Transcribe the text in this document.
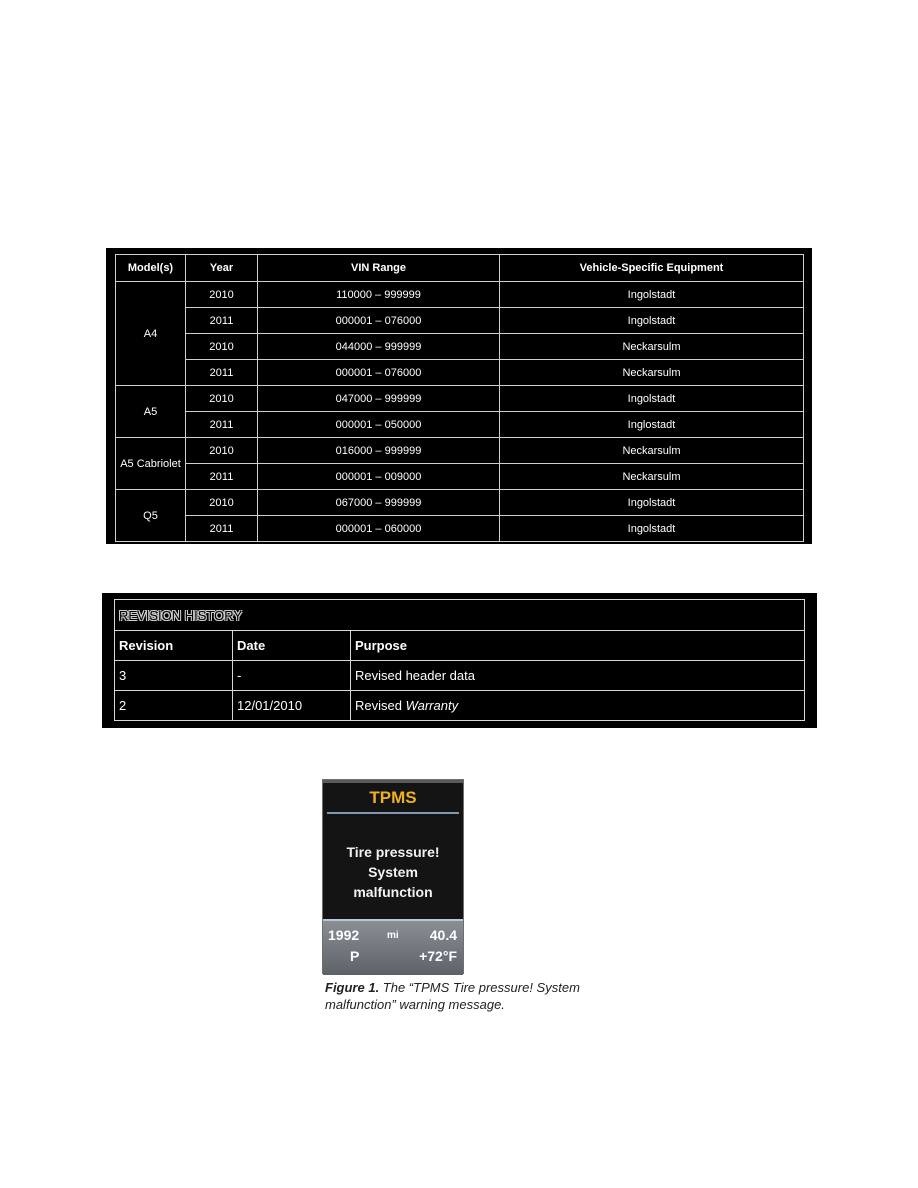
Model(s)	Year	VIN Range	Vehicle-Specific Equipment
A4	2010	110000 – 999999	Ingolstadt
	2011	000001 – 076000	Ingolstadt
	2010	044000 – 999999	Neckarsulm
	2011	000001 – 076000	Neckarsulm
A5	2010	047000 – 999999	Ingolstadt
	2011	000001 – 050000	Inglostadt
A5 Cabriolet	2010	016000 – 999999	Neckarsulm
	2011	000001 – 009000	Neckarsulm
Q5	2010	067000 – 999999	Ingolstadt
	2011	000001 – 060000	Ingolstadt
REVISION HISTORY		
Revision	Date	Purpose
3	-	Revised header data
2	12/01/2010	Revised Warranty
TPMS
Tire pressure!
System
malfunction
1992	mi 40.4
P	+72°F
Figure 1. The “TPMS Tire pressure! System malfunction” warning message.
